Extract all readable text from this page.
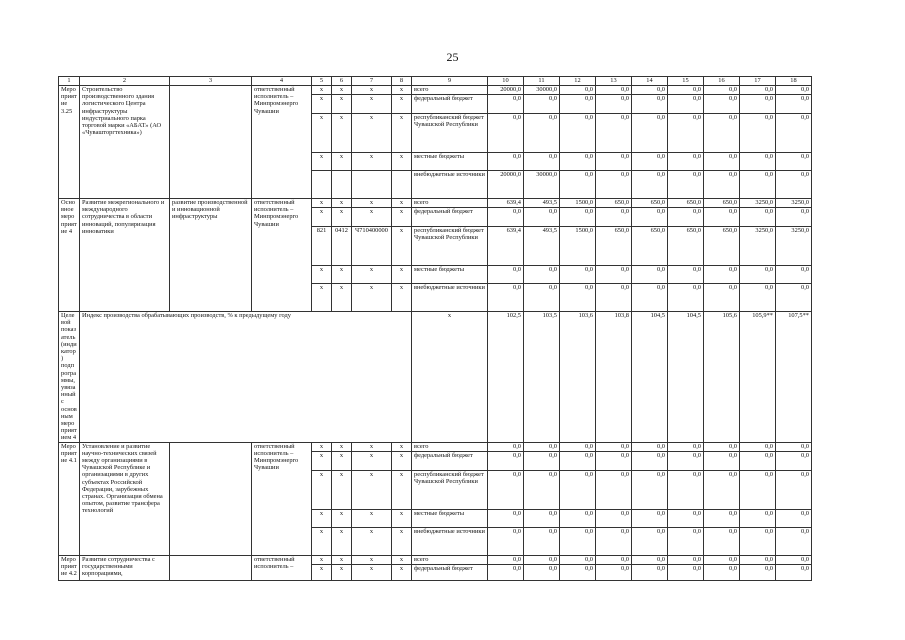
25
1	2	3	4	5	6	7	8	9	10	11	12	13	14	15	16	17	18
Мероприятие 3.25	Строительство производственного здания логистического Центра инфраструктуры индустриального парка торговой марки «АБАТ» (АО «Чувашторгтехника»)		ответственный исполнитель – Минпромэнерго Чувашии	x	x	x	x	всего	20000,0	30000,0	0,0	0,0	0,0	0,0	0,0	0,0	0,0
				x	x	x	x	федеральный бюджет	0,0	0,0	0,0	0,0	0,0	0,0	0,0	0,0	0,0
				x	x	x	x	республиканский бюджет Чувашской Республики	0,0	0,0	0,0	0,0	0,0	0,0	0,0	0,0	0,0
				x	x	x	x	местные бюджеты	0,0	0,0	0,0	0,0	0,0	0,0	0,0	0,0	0,0
								внебюджетные источники	20000,0	30000,0	0,0	0,0	0,0	0,0	0,0	0,0	0,0
Основное мероприятие 4	Развитие межрегионального и международного сотрудничества в области инноваций, популяризация инноватики	развитие производственной и инновационной инфраструктуры	ответственный исполнитель – Минпромэнерго Чувашии	x	x	x	x	всего	639,4	493,5	1500,0	650,0	650,0	650,0	650,0	3250,0	3250,0
				x	x	x	x	федеральный бюджет	0,0	0,0	0,0	0,0	0,0	0,0	0,0	0,0	0,0
				821	0412	Ч710400000	x	республиканский бюджет Чувашской Республики	639,4	493,5	1500,0	650,0	650,0	650,0	650,0	3250,0	3250,0
				x	x	x	x	местные бюджеты	0,0	0,0	0,0	0,0	0,0	0,0	0,0	0,0	0,0
				x	x	x	x	внебюджетные источники	0,0	0,0	0,0	0,0	0,0	0,0	0,0	0,0	0,0
Целевой показатель (индикатор) подпрограммы, увязанный с основным мероприятием 4	Индекс производства обрабатывающих производств, % к предыдущему году							x	102,5	103,5	103,6	103,8	104,5	104,5	105,6	105,9**	107,5**
Мероприятие 4.1	Установление и развитие научно-технических связей между организациями в Чувашской Республике и организациями в других субъектах Российской Федерации, зарубежных странах. Организация обмена опытом, развитие трансфера технологий		ответственный исполнитель – Минпромэнерго Чувашии	x	x	x	x	всего	0,0	0,0	0,0	0,0	0,0	0,0	0,0	0,0	0,0
				x	x	x	x	федеральный бюджет	0,0	0,0	0,0	0,0	0,0	0,0	0,0	0,0	0,0
				x	x	x	x	республиканский бюджет Чувашской Республики	0,0	0,0	0,0	0,0	0,0	0,0	0,0	0,0	0,0
				x	x	x	x	местные бюджеты	0,0	0,0	0,0	0,0	0,0	0,0	0,0	0,0	0,0
				x	x	x	x	внебюджетные источники	0,0	0,0	0,0	0,0	0,0	0,0	0,0	0,0	0,0
Мероприятие 4.2	Развитие сотрудничества с государственными корпорациями,		ответственный исполнитель –	x	x	x	x	всего	0,0	0,0	0,0	0,0	0,0	0,0	0,0	0,0	0,0
				x	x	x	x	федеральный бюджет	0,0	0,0	0,0	0,0	0,0	0,0	0,0	0,0	0,0
